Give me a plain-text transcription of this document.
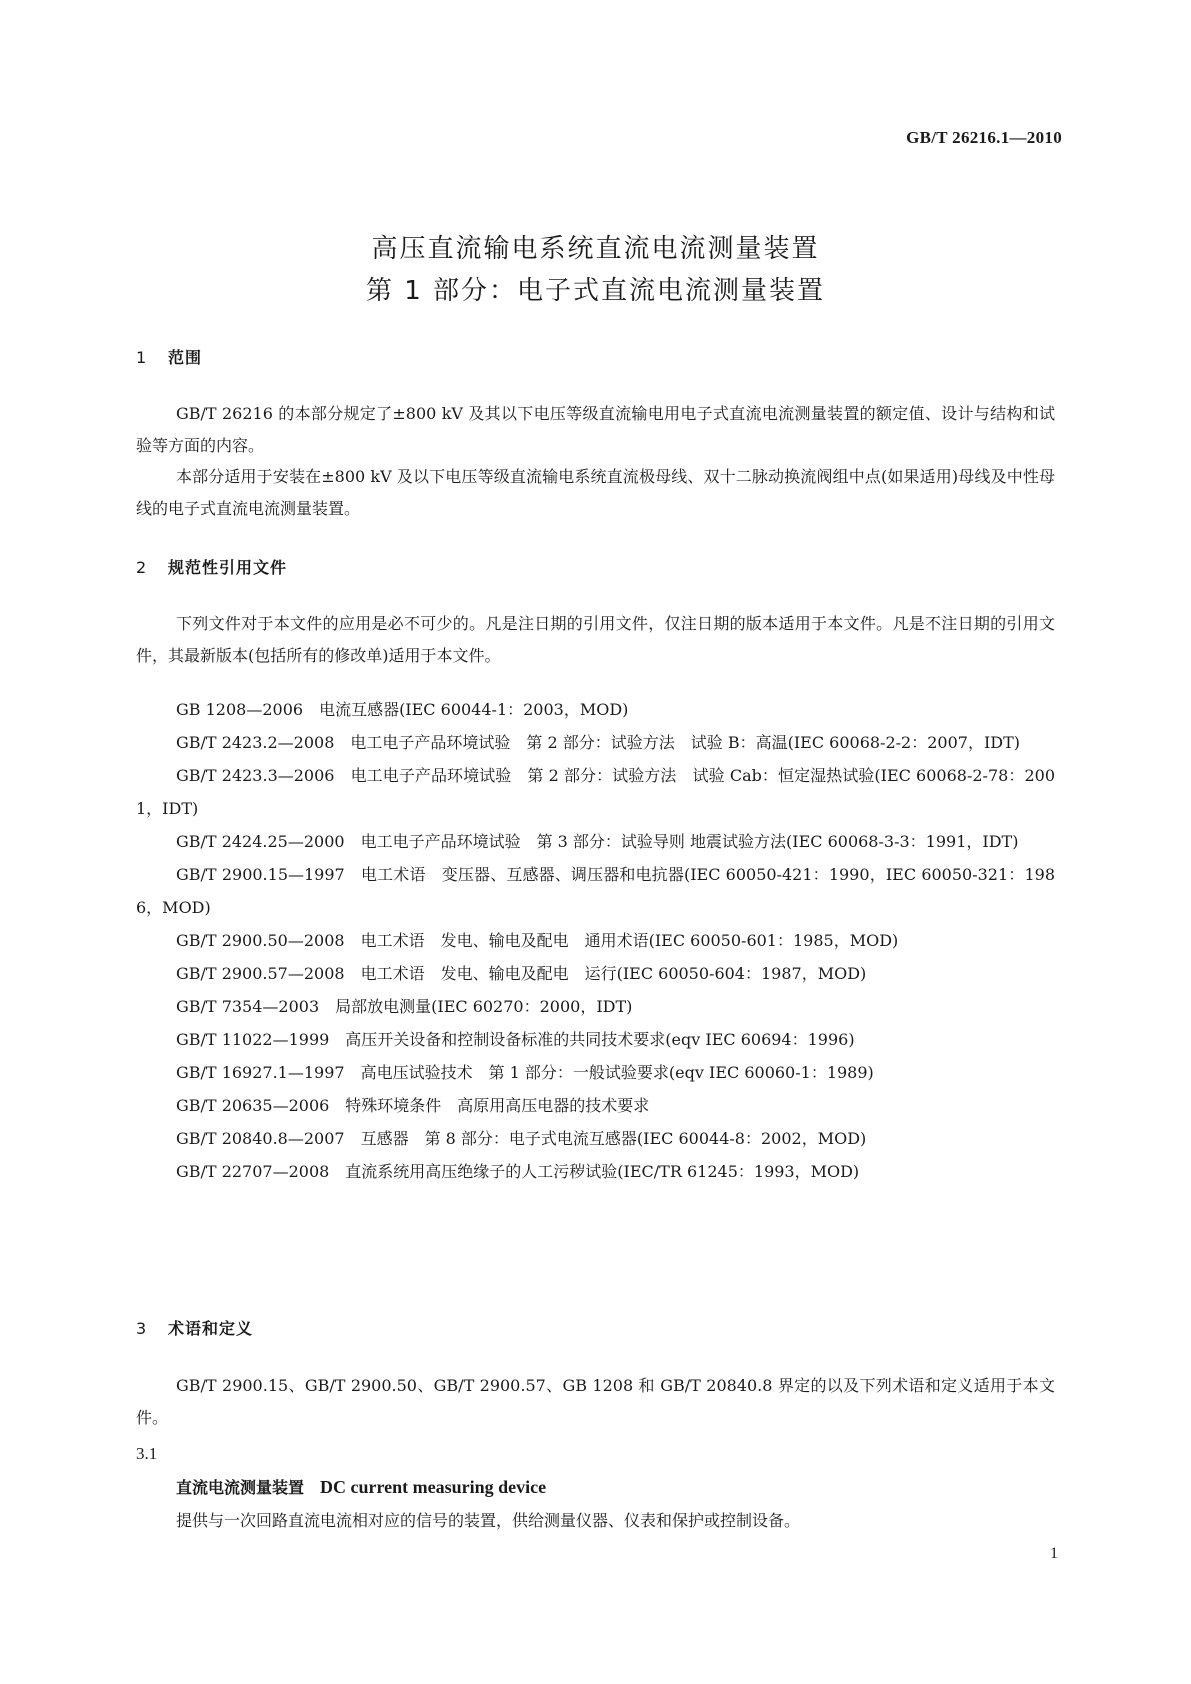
GB/T 26216.1—2010
高压直流输电系统直流电流测量装置
第 1 部分：电子式直流电流测量装置
1 范围
GB/T 26216 的本部分规定了±800 kV 及其以下电压等级直流输电用电子式直流电流测量装置的额定值、设计与结构和试验等方面的内容。
本部分适用于安装在±800 kV 及以下电压等级直流输电系统直流极母线、双十二脉动换流阀组中点(如果适用)母线及中性母线的电子式直流电流测量装置。
2 规范性引用文件
下列文件对于本文件的应用是必不可少的。凡是注日期的引用文件，仅注日期的版本适用于本文件。凡是不注日期的引用文件，其最新版本(包括所有的修改单)适用于本文件。

GB 1208—2006　电流互感器(IEC 60044-1：2003，MOD)

GB/T 2423.2—2008　电工电子产品环境试验　第 2 部分：试验方法　试验 B：高温(IEC 60068-2-2：2007，IDT)

GB/T 2423.3—2006　电工电子产品环境试验　第 2 部分：试验方法　试验 Cab：恒定湿热试验(IEC 60068-2-78：2001，IDT)

GB/T 2424.25—2000　电工电子产品环境试验　第 3 部分：试验导则 地震试验方法(IEC 60068-3-3：1991，IDT)

GB/T 2900.15—1997　电工术语　变压器、互感器、调压器和电抗器(IEC 60050-421：1990，IEC 60050-321：1986，MOD)

GB/T 2900.50—2008　电工术语　发电、输电及配电　通用术语(IEC 60050-601：1985，MOD)

GB/T 2900.57—2008　电工术语　发电、输电及配电　运行(IEC 60050-604：1987，MOD)

GB/T 7354—2003　局部放电测量(IEC 60270：2000，IDT)

GB/T 11022—1999　高压开关设备和控制设备标准的共同技术要求(eqv IEC 60694：1996)

GB/T 16927.1—1997　高电压试验技术　第 1 部分：一般试验要求(eqv IEC 60060-1：1989)

GB/T 20635—2006　特殊环境条件　高原用高压电器的技术要求

GB/T 20840.8—2007　互感器　第 8 部分：电子式电流互感器(IEC 60044-8：2002，MOD)

GB/T 22707—2008　直流系统用高压绝缘子的人工污秽试验(IEC/TR 61245：1993，MOD)

3 术语和定义
GB/T 2900.15、GB/T 2900.50、GB/T 2900.57、GB 1208 和 GB/T 20840.8 界定的以及下列术语和定义适用于本文件。
3.1
直流电流测量装置 DC current measuring device
提供与一次回路直流电流相对应的信号的装置，供给测量仪器、仪表和保护或控制设备。
1
